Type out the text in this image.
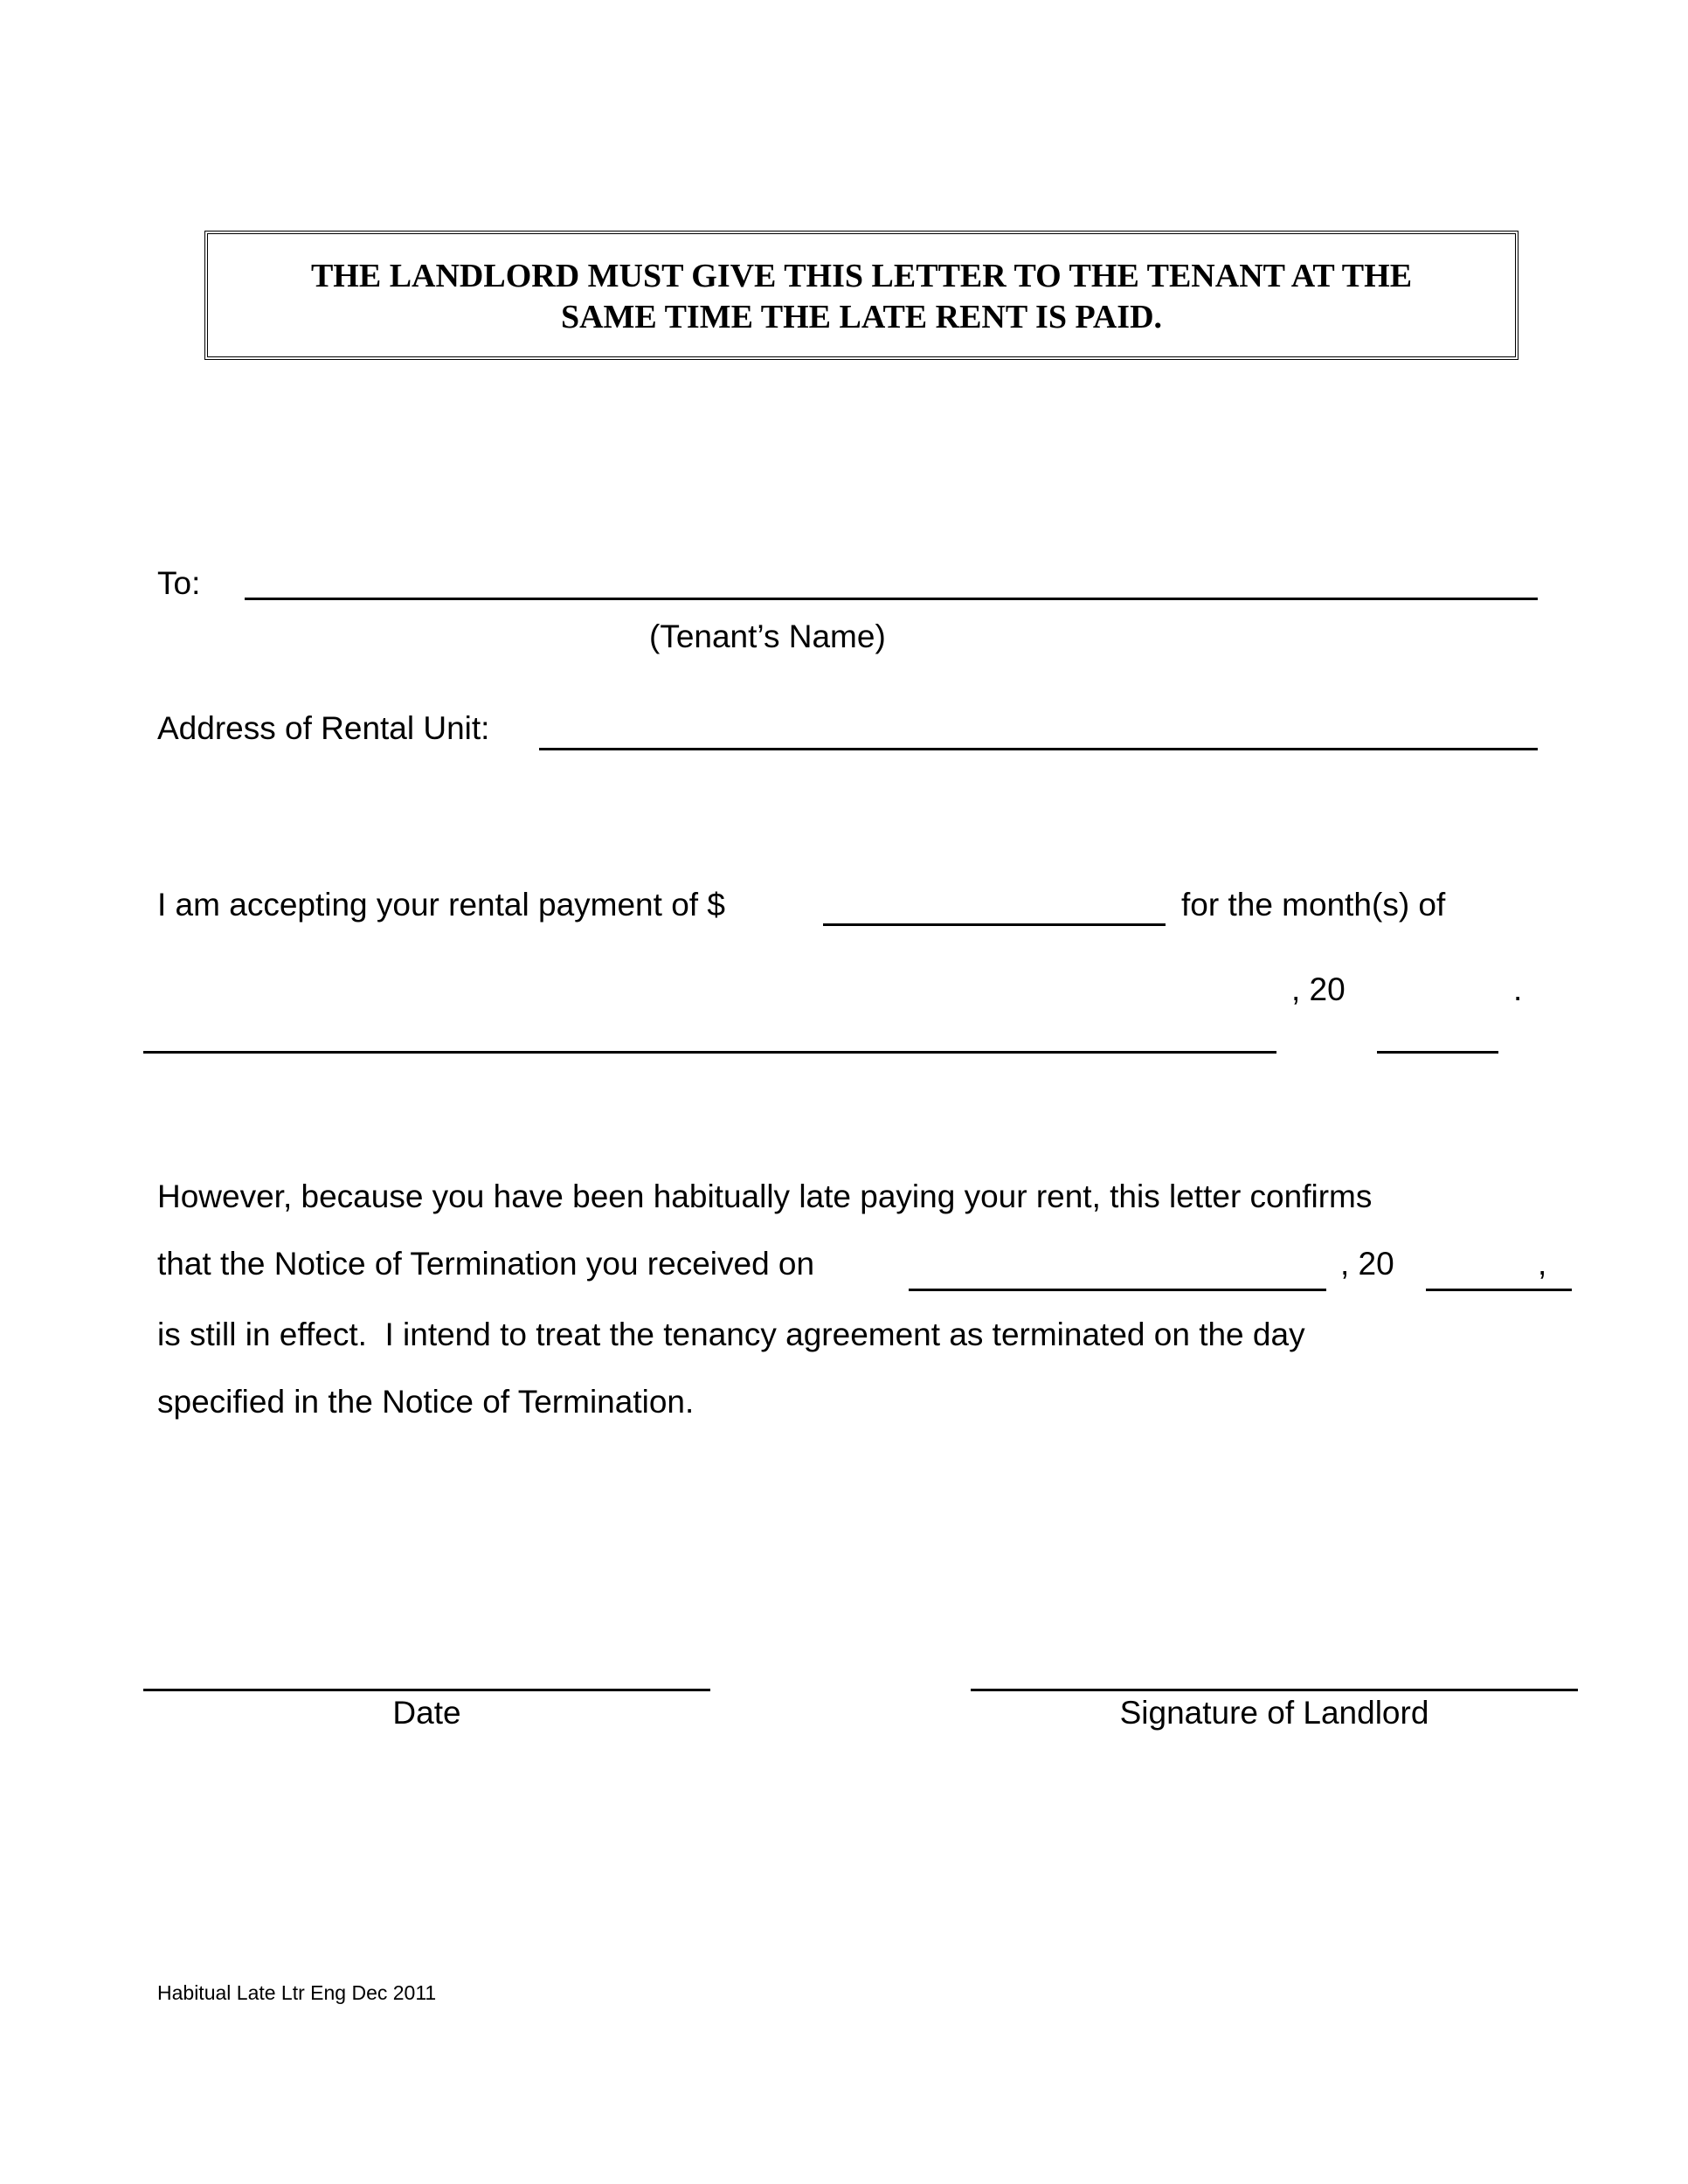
THE LANDLORD MUST GIVE THIS LETTER TO THE TENANT AT THE
SAME TIME THE LATE RENT IS PAID.
To:
(Tenant’s Name)
Address of Rental Unit:
I am accepting your rental payment of $	for the month(s) of
, 20	.
However, because you have been habitually late paying your rent, this letter confirms
that the Notice of Termination you received on	, 20	,
is still in effect.  I intend to treat the tenancy agreement as terminated on the day
specified in the Notice of Termination.
Date	Signature of Landlord
Habitual Late Ltr Eng Dec 2011
